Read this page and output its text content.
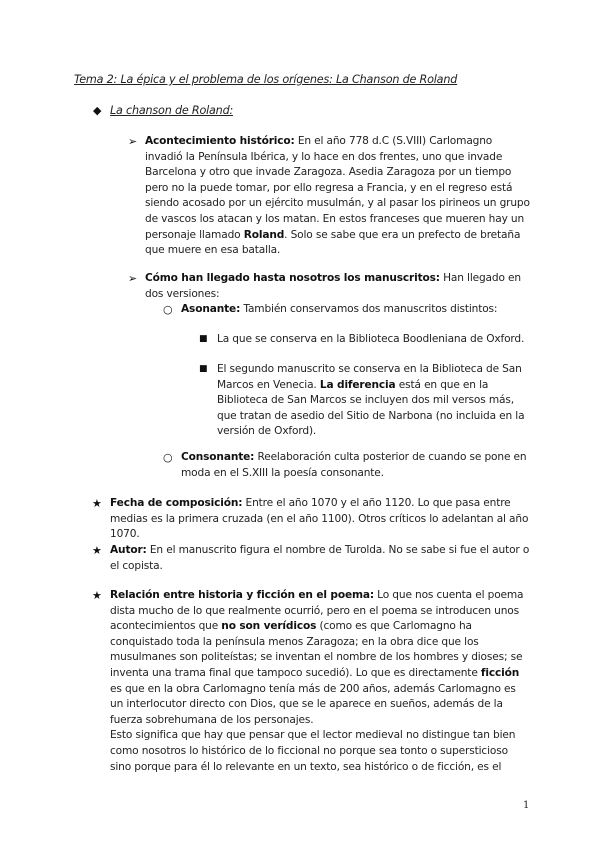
Tema 2: La épica y el problema de los orígenes: La Chanson de Roland
◆ La chanson de Roland:
➢ Acontecimiento histórico: En el año 778 d.C (S.VIII) Carlomagno invadió la Península Ibérica, y lo hace en dos frentes, uno que invade Barcelona y otro que invade Zaragoza. Asedia Zaragoza por un tiempo pero no la puede tomar, por ello regresa a Francia, y en el regreso está siendo acosado por un ejército musulmán, y al pasar los pirineos un grupo de vascos los atacan y los matan. En estos franceses que mueren hay un personaje llamado Roland. Solo se sabe que era un prefecto de bretaña que muere en esa batalla.
➢ Cómo han llegado hasta nosotros los manuscritos: Han llegado en dos versiones:
○ Asonante: También conservamos dos manuscritos distintos:
■ La que se conserva en la Biblioteca Boodleniana de Oxford.
■ El segundo manuscrito se conserva en la Biblioteca de San Marcos en Venecia. La diferencia está en que en la Biblioteca de San Marcos se incluyen dos mil versos más, que tratan de asedio del Sitio de Narbona (no incluida en la versión de Oxford).
○ Consonante: Reelaboración culta posterior de cuando se pone en moda en el S.XIII la poesía consonante.
★ Fecha de composición: Entre el año 1070 y el año 1120. Lo que pasa entre medias es la primera cruzada (en el año 1100). Otros críticos lo adelantan al año 1070.
★ Autor: En el manuscrito figura el nombre de Turolda. No se sabe si fue el autor o el copista.
★ Relación entre historia y ficción en el poema: Lo que nos cuenta el poema dista mucho de lo que realmente ocurrió, pero en el poema se introducen unos acontecimientos que no son verídicos (como es que Carlomagno ha conquistado toda la península menos Zaragoza; en la obra dice que los musulmanes son politeístas; se inventan el nombre de los hombres y dioses; se inventa una trama final que tampoco sucedió). Lo que es directamente ficción es que en la obra Carlomagno tenía más de 200 años, además Carlomagno es un interlocutor directo con Dios, que se le aparece en sueños, además de la fuerza sobrehumana de los personajes.
Esto significa que hay que pensar que el lector medieval no distingue tan bien como nosotros lo histórico de lo ficcional no porque sea tonto o supersticioso sino porque para él lo relevante en un texto, sea histórico o de ficción, es el
1
